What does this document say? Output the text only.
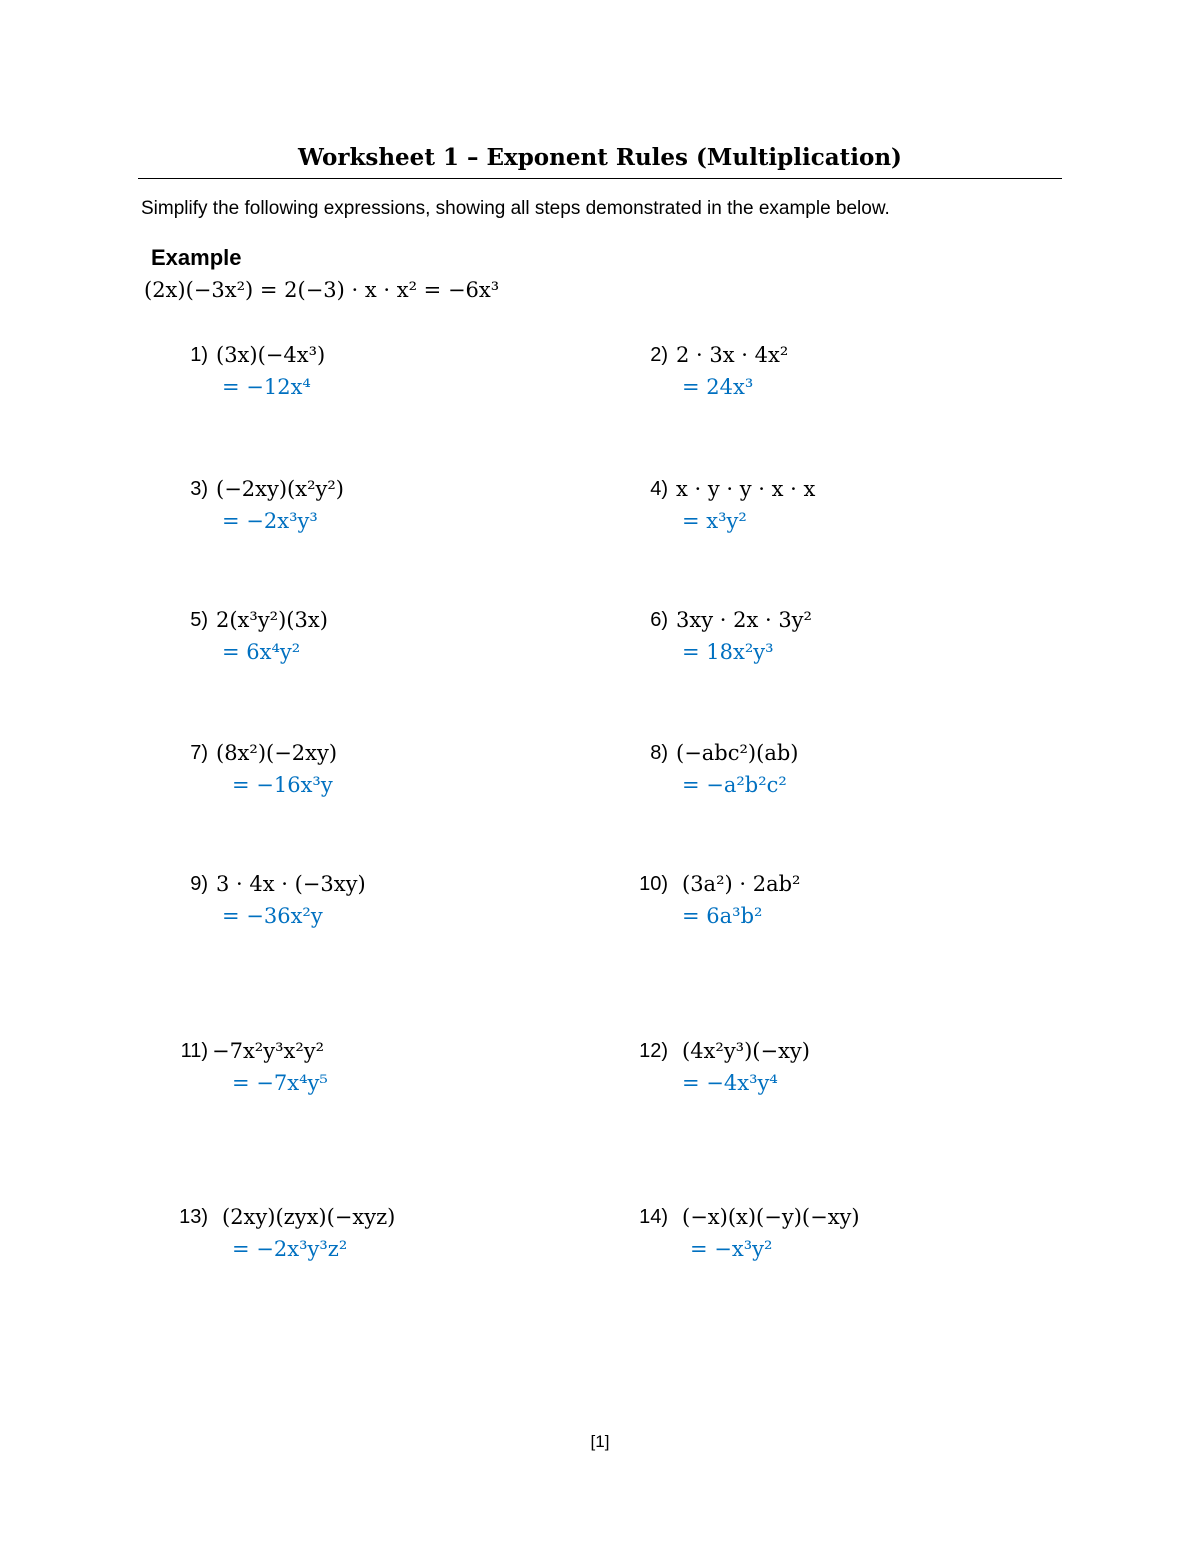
Worksheet 1 – Exponent Rules (Multiplication)

Simplify the following expressions, showing all steps demonstrated in the example below.

Example
(2x)(−3x²) = 2(−3) · x · x² = −6x³
1) (3x)(−4x³)
= −12x⁴
2) 2 · 3x · 4x²
= 24x³
3) (−2xy)(x²y²)
= −2x³y³
4) x · y · y · x · x
= x³y²
5) 2(x³y²)(3x)
= 6x⁴y²
6) 3xy · 2x · 3y²
= 18x²y³
7) (8x²)(−2xy)
= −16x³y
8) (−abc²)(ab)
= −a²b²c²
9) 3 · 4x · (−3xy)
= −36x²y
10) (3a²) · 2ab²
= 6a³b²
11) −7x²y³x²y²
= −7x⁴y⁵
12) (4x²y³)(−xy)
= −4x³y⁴
13) (2xy)(zyx)(−xyz)
= −2x³y³z²
14) (−x)(x)(−y)(−xy)
= −x³y²

[1]
